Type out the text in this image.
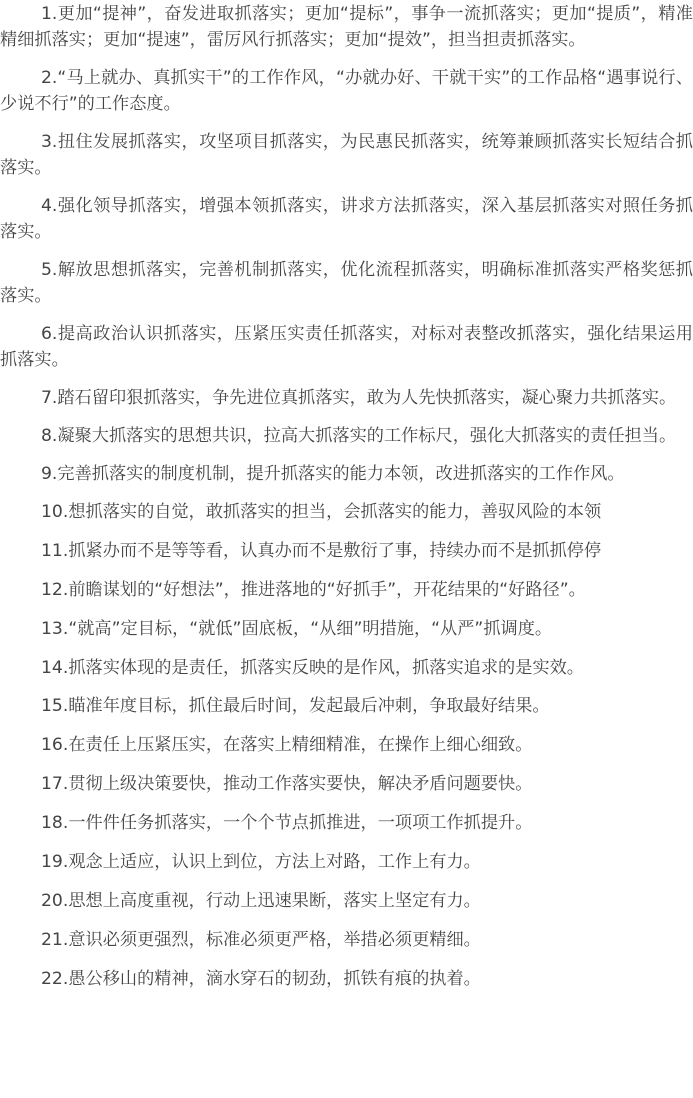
1.更加“提神”，奋发进取抓落实；更加“提标”，事争一流抓落实；更加“提质”，精准精细抓落实；更加“提速”，雷厉风行抓落实；更加“提效”，担当担责抓落实。

2.“马上就办、真抓实干”的工作作风，“办就办好、干就干实”的工作品格“遇事说行、少说不行”的工作态度。

3.扭住发展抓落实，攻坚项目抓落实，为民惠民抓落实，统筹兼顾抓落实长短结合抓落实。

4.强化领导抓落实，增强本领抓落实，讲求方法抓落实，深入基层抓落实对照任务抓落实。

5.解放思想抓落实，完善机制抓落实，优化流程抓落实，明确标准抓落实严格奖惩抓落实。

6.提高政治认识抓落实，压紧压实责任抓落实，对标对表整改抓落实，强化结果运用抓落实。

7.踏石留印狠抓落实，争先进位真抓落实，敢为人先快抓落实，凝心聚力共抓落实。

8.凝聚大抓落实的思想共识，拉高大抓落实的工作标尺，强化大抓落实的责任担当。

9.完善抓落实的制度机制，提升抓落实的能力本领，改进抓落实的工作作风。

10.想抓落实的自觉，敢抓落实的担当，会抓落实的能力，善驭风险的本领

11.抓紧办而不是等等看，认真办而不是敷衍了事，持续办而不是抓抓停停

12.前瞻谋划的“好想法”，推进落地的“好抓手”，开花结果的“好路径”。

13.“就高”定目标，“就低”固底板，“从细”明措施，“从严”抓调度。

14.抓落实体现的是责任，抓落实反映的是作风，抓落实追求的是实效。

15.瞄准年度目标，抓住最后时间，发起最后冲刺，争取最好结果。

16.在责任上压紧压实，在落实上精细精准，在操作上细心细致。

17.贯彻上级决策要快，推动工作落实要快，解决矛盾问题要快。

18.一件件任务抓落实，一个个节点抓推进，一项项工作抓提升。

19.观念上适应，认识上到位，方法上对路，工作上有力。

20.思想上高度重视，行动上迅速果断，落实上坚定有力。

21.意识必须更强烈，标准必须更严格，举措必须更精细。

22.愚公移山的精神，滴水穿石的韧劲，抓铁有痕的执着。
